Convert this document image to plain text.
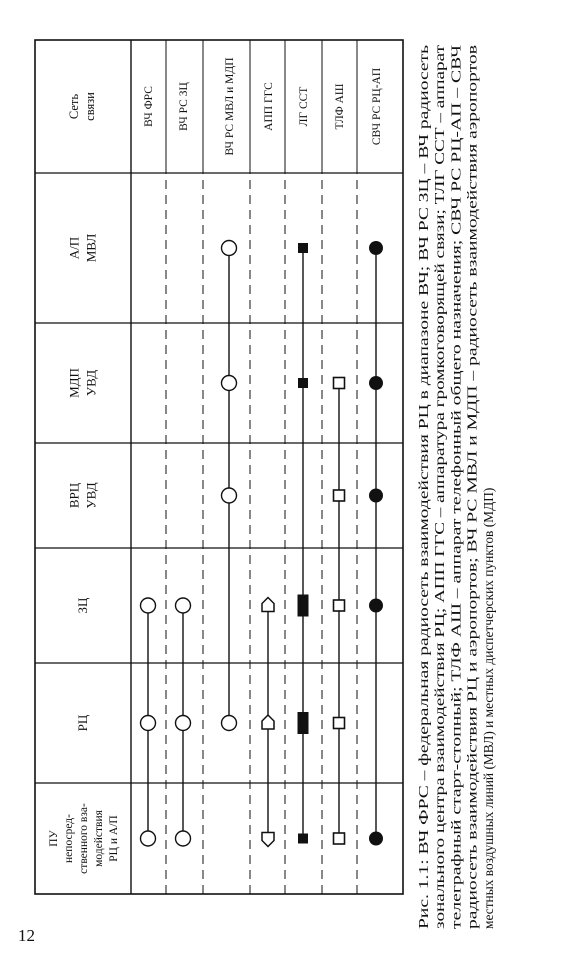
12
ВЧ ФРС ВЧ РС ЗЦ	ВЧ РС МВЛ и МДП АПП ГГС ЛГ ССТ ТЛФ АШ СВЧ РС РЦ-АП
Сеть связи
ПУ непосред- ственного вза- модействия РЦ и А/П
РЦ
ЗЦ
ВРЦ УВД
МДП УВД
А/П МВЛ
Рис. 1.1: ВЧ ФРС – федеральная радиосеть взаимодействия РЦ в диапазоне ВЧ; ВЧ РС ЗЦ – ВЧ радиосеть зонального центра взаимодействия РЦ; АПП ГГС – аппаратура громкоговорящей связи; ТЛГ ССТ – аппарат телеграфный старт-стопный; ТЛФ АШ – аппарат телефонный общего назначения; СВЧ РС РЦ-АП – СВЧ радиосеть взаимодействия РЦ и аэропортов; ВЧ РС МВЛ и МДП – радиосеть взаимодействия аэропортов местных воздушных линий (МВЛ) и местных диспетчерских пунктов (МДП)
